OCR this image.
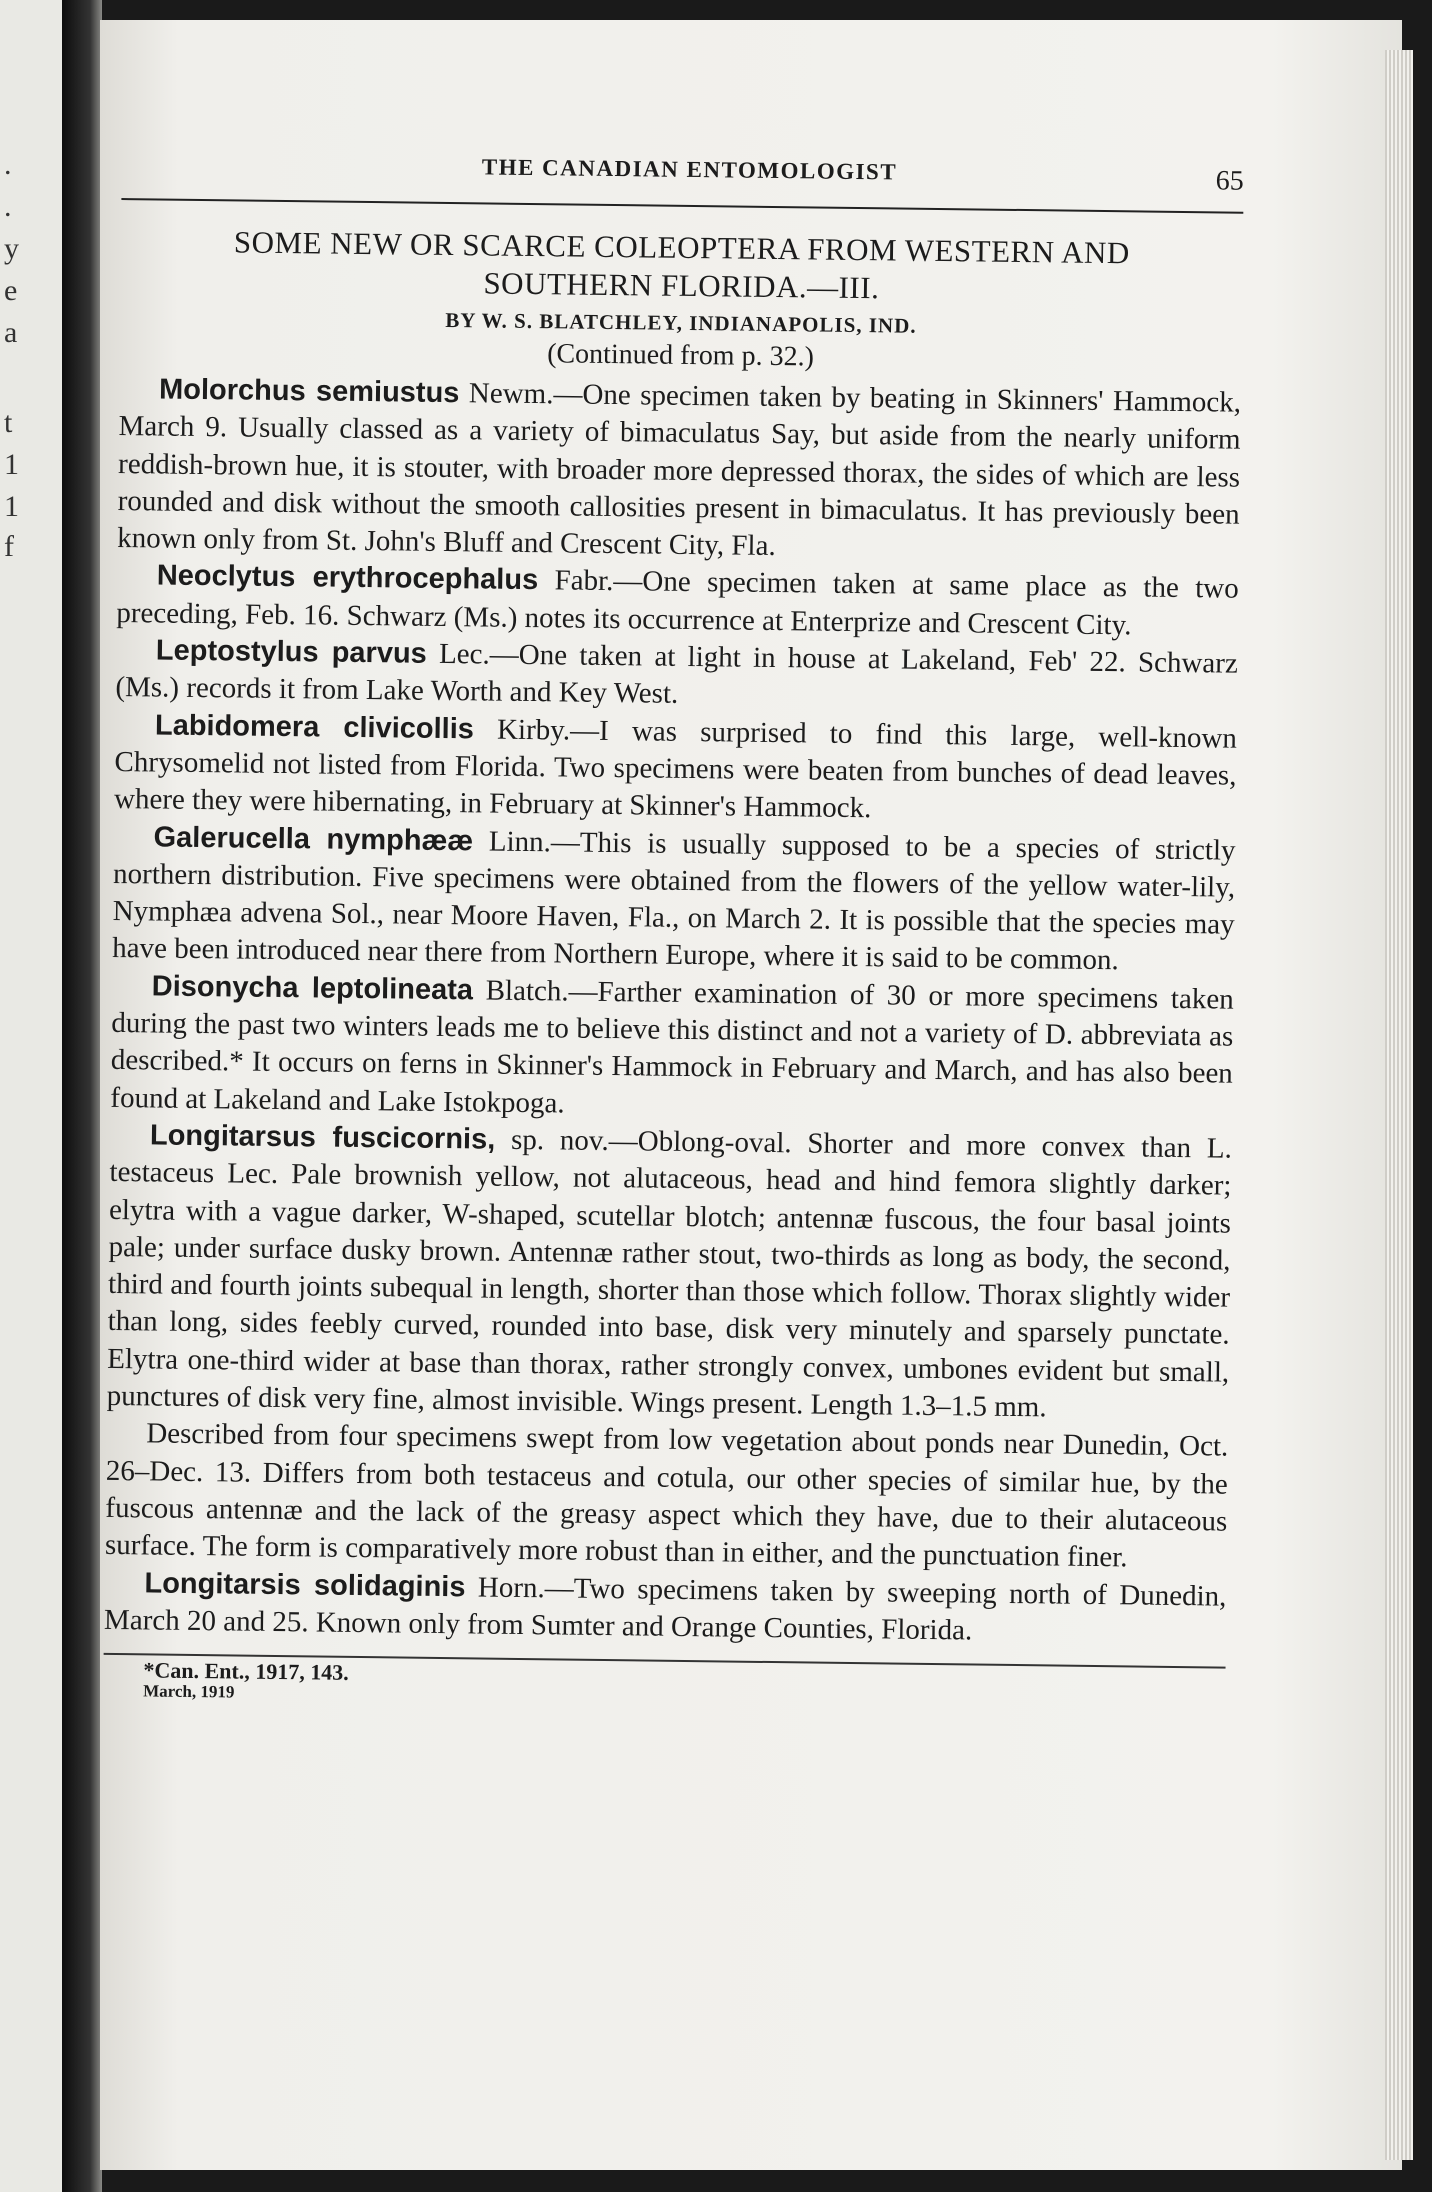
.
.
y
e
a
t
1
1
f
THE CANADIAN ENTOMOLOGIST	65
SOME NEW OR SCARCE COLEOPTERA FROM WESTERN AND SOUTHERN FLORIDA.—III.
BY W. S. BLATCHLEY, INDIANAPOLIS, IND.
(Continued from p. 32.)

Molorchus semiustus Newm.—One specimen taken by beating in Skinners' Hammock, March 9. Usually classed as a variety of bimaculatus Say, but aside from the nearly uniform reddish-brown hue, it is stouter, with broader more depressed thorax, the sides of which are less rounded and disk without the smooth callosities present in bimaculatus. It has previously been known only from St. John's Bluff and Crescent City, Fla.

Neoclytus erythrocephalus Fabr.—One specimen taken at same place as the two preceding, Feb. 16. Schwarz (Ms.) notes its occurrence at Enterprize and Crescent City.

Leptostylus parvus Lec.—One taken at light in house at Lakeland, Feb' 22. Schwarz (Ms.) records it from Lake Worth and Key West.

Labidomera clivicollis Kirby.—I was surprised to find this large, well-known Chrysomelid not listed from Florida. Two specimens were beaten from bunches of dead leaves, where they were hibernating, in February at Skinner's Hammock.

Galerucella nymphææ Linn.—This is usually supposed to be a species of strictly northern distribution. Five specimens were obtained from the flowers of the yellow water-lily, Nymphæa advena Sol., near Moore Haven, Fla., on March 2. It is possible that the species may have been introduced near there from Northern Europe, where it is said to be common.

Disonycha leptolineata Blatch.—Farther examination of 30 or more specimens taken during the past two winters leads me to believe this distinct and not a variety of D. abbreviata as described.* It occurs on ferns in Skinner's Hammock in February and March, and has also been found at Lakeland and Lake Istokpoga.

Longitarsus fuscicornis, sp. nov.—Oblong-oval. Shorter and more convex than L. testaceus Lec. Pale brownish yellow, not alutaceous, head and hind femora slightly darker; elytra with a vague darker, W-shaped, scutellar blotch; antennæ fuscous, the four basal joints pale; under surface dusky brown. Antennæ rather stout, two-thirds as long as body, the second, third and fourth joints subequal in length, shorter than those which follow. Thorax slightly wider than long, sides feebly curved, rounded into base, disk very minutely and sparsely punctate. Elytra one-third wider at base than thorax, rather strongly convex, umbones evident but small, punctures of disk very fine, almost invisible. Wings present. Length 1.3–1.5 mm.

Described from four specimens swept from low vegetation about ponds near Dunedin, Oct. 26–Dec. 13. Differs from both testaceus and cotula, our other species of similar hue, by the fuscous antennæ and the lack of the greasy aspect which they have, due to their alutaceous surface. The form is comparatively more robust than in either, and the punctuation finer.

Longitarsis solidaginis Horn.—Two specimens taken by sweeping north of Dunedin, March 20 and 25. Known only from Sumter and Orange Counties, Florida.

*Can. Ent., 1917, 143.
March, 1919
